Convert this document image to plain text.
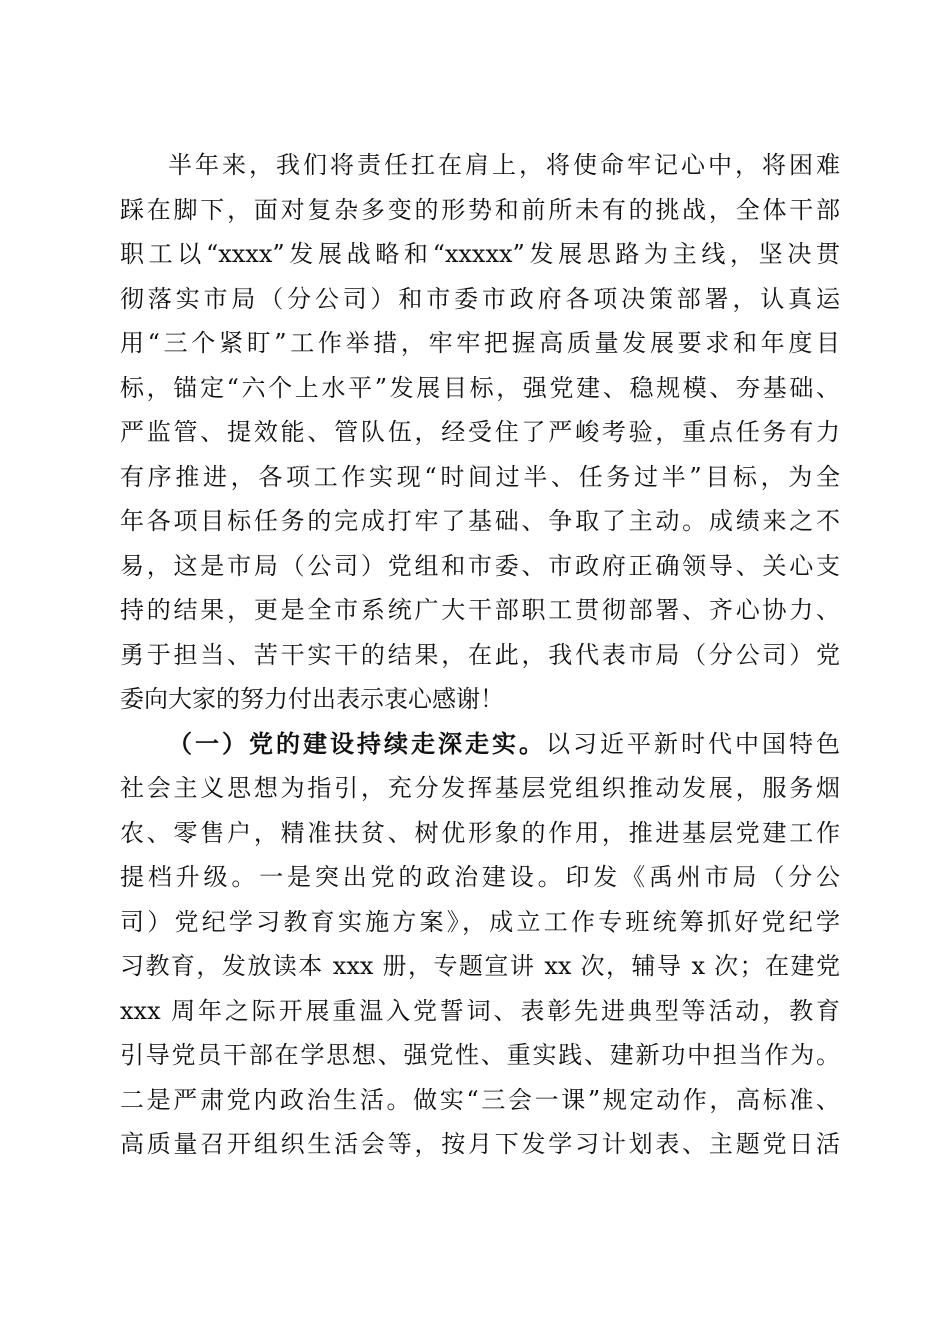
半年来，我们将责任扛在肩上，将使命牢记心中，将困难
踩在脚下，面对复杂多变的形势和前所未有的挑战，全体干部
职工以“xxxx”发展战略和“xxxxx”发展思路为主线，坚决贯
彻落实市局（分公司）和市委市政府各项决策部署，认真运
用“三个紧盯”工作举措，牢牢把握高质量发展要求和年度目
标，锚定“六个上水平”发展目标，强党建、稳规模、夯基础、
严监管、提效能、管队伍，经受住了严峻考验，重点任务有力
有序推进，各项工作实现“时间过半、任务过半”目标，为全
年各项目标任务的完成打牢了基础、争取了主动。成绩来之不
易，这是市局（公司）党组和市委、市政府正确领导、关心支
持的结果，更是全市系统广大干部职工贯彻部署、齐心协力、
勇于担当、苦干实干的结果，在此，我代表市局（分公司）党
委向大家的努力付出表示衷心感谢！
（一）党的建设持续走深走实。以习近平新时代中国特色
社会主义思想为指引，充分发挥基层党组织推动发展，服务烟
农、零售户，精准扶贫、树优形象的作用，推进基层党建工作
提档升级。一是突出党的政治建设。印发《禹州市局（分公
司）党纪学习教育实施方案》，成立工作专班统筹抓好党纪学
习教育，发放读本 xxx 册，专题宣讲 xx 次，辅导 x 次；在建党
xxx 周年之际开展重温入党誓词、表彰先进典型等活动，教育
引导党员干部在学思想、强党性、重实践、建新功中担当作为。
二是严肃党内政治生活。做实“三会一课”规定动作，高标准、
高质量召开组织生活会等，按月下发学习计划表、主题党日活
